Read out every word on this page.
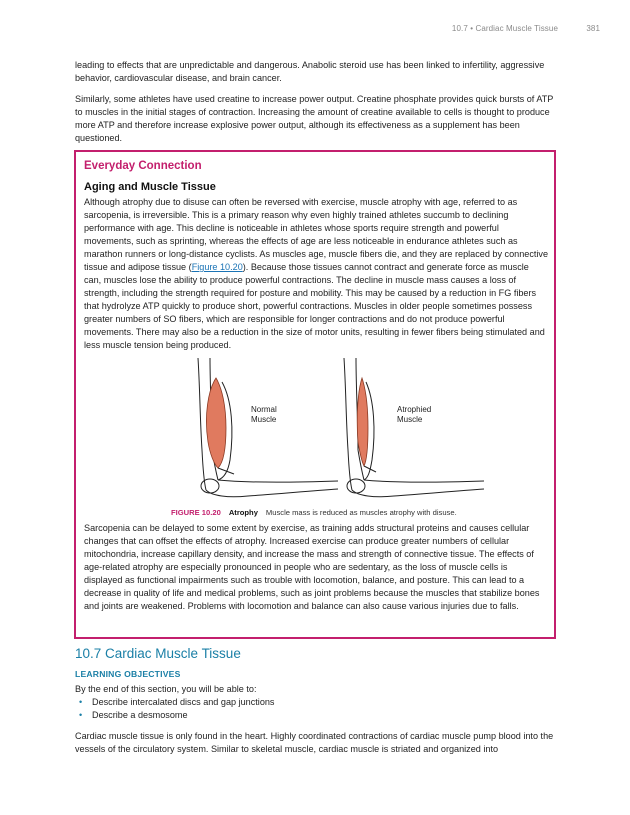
10.7 • Cardiac Muscle Tissue	381

leading to effects that are unpredictable and dangerous. Anabolic steroid use has been linked to infertility, aggressive behavior, cardiovascular disease, and brain cancer.

Similarly, some athletes have used creatine to increase power output. Creatine phosphate provides quick bursts of ATP to muscles in the initial stages of contraction. Increasing the amount of creatine available to cells is thought to produce more ATP and therefore increase explosive power output, although its effectiveness as a supplement has been questioned.

Everyday Connection
Aging and Muscle Tissue

Although atrophy due to disuse can often be reversed with exercise, muscle atrophy with age, referred to as sarcopenia, is irreversible. This is a primary reason why even highly trained athletes succumb to declining performance with age. This decline is noticeable in athletes whose sports require strength and powerful movements, such as sprinting, whereas the effects of age are less noticeable in endurance athletes such as marathon runners or long-distance cyclists. As muscles age, muscle fibers die, and they are replaced by connective tissue and adipose tissue (Figure 10.20). Because those tissues cannot contract and generate force as muscle can, muscles lose the ability to produce powerful contractions. The decline in muscle mass causes a loss of strength, including the strength required for posture and mobility. This may be caused by a reduction in FG fibers that hydrolyze ATP quickly to produce short, powerful contractions. Muscles in older people sometimes possess greater numbers of SO fibers, which are responsible for longer contractions and do not produce powerful movements. There may also be a reduction in the size of motor units, resulting in fewer fibers being stimulated and less muscle tension being produced.

Normal
Muscle
Atrophied
Muscle
FIGURE 10.20 Atrophy Muscle mass is reduced as muscles atrophy with disuse.

Sarcopenia can be delayed to some extent by exercise, as training adds structural proteins and causes cellular changes that can offset the effects of atrophy. Increased exercise can produce greater numbers of cellular mitochondria, increase capillary density, and increase the mass and strength of connective tissue. The effects of age-related atrophy are especially pronounced in people who are sedentary, as the loss of muscle cells is displayed as functional impairments such as trouble with locomotion, balance, and posture. This can lead to a decrease in quality of life and medical problems, such as joint problems because the muscles that stabilize bones and joints are weakened. Problems with locomotion and balance can also cause various injuries due to falls.

10.7 Cardiac Muscle Tissue
LEARNING OBJECTIVES

By the end of this section, you will be able to:

• Describe intercalated discs and gap junctions
• Describe a desmosome

Cardiac muscle tissue is only found in the heart. Highly coordinated contractions of cardiac muscle pump blood into the vessels of the circulatory system. Similar to skeletal muscle, cardiac muscle is striated and organized into
